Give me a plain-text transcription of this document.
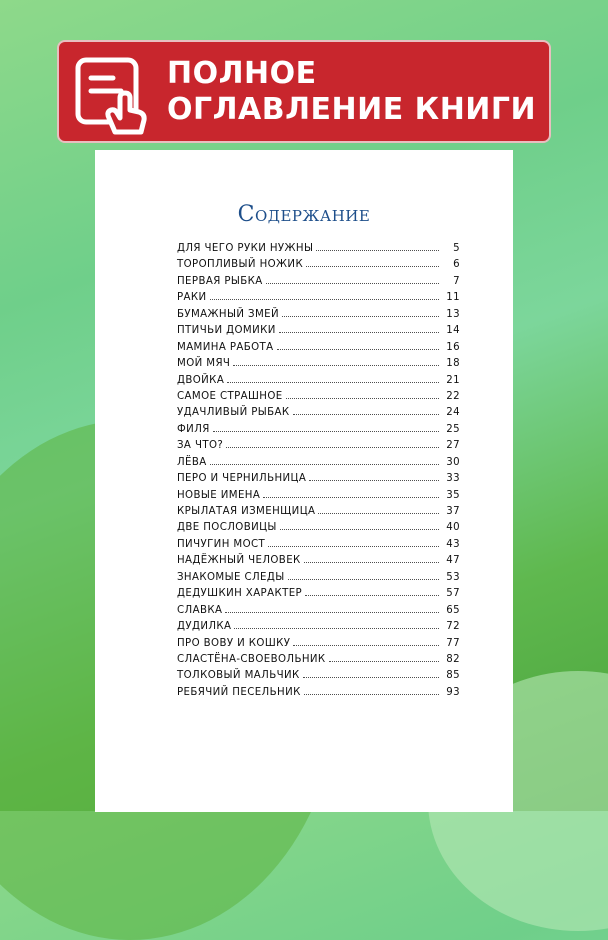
ПОЛНОЕ
ОГЛАВЛЕНИЕ КНИГИ
Содержание
ДЛЯ ЧЕГО РУКИ НУЖНЫ	5
ТОРОПЛИВЫЙ НОЖИК	6
ПЕРВАЯ РЫБКА	7
РАКИ	11
БУМАЖНЫЙ ЗМЕЙ	13
ПТИЧЬИ ДОМИКИ	14
МАМИНА РАБОТА	16
МОЙ МЯЧ	18
ДВОЙКА	21
САМОЕ СТРАШНОЕ	22
УДАЧЛИВЫЙ РЫБАК	24
ФИЛЯ	25
ЗА ЧТО?	27
ЛЁВА	30
ПЕРО И ЧЕРНИЛЬНИЦА	33
НОВЫЕ ИМЕНА	35
КРЫЛАТАЯ ИЗМЕНЩИЦА	37
ДВЕ ПОСЛОВИЦЫ	40
ПИЧУГИН МОСТ	43
НАДЁЖНЫЙ ЧЕЛОВЕК	47
ЗНАКОМЫЕ СЛЕДЫ	53
ДЕДУШКИН ХАРАКТЕР	57
СЛАВКА	65
ДУДИЛКА	72
ПРО ВОВУ И КОШКУ	77
СЛАСТЁНА-СВОЕВОЛЬНИК	82
ТОЛКОВЫЙ МАЛЬЧИК	85
РЕБЯЧИЙ ПЕСЕЛЬНИК	93
